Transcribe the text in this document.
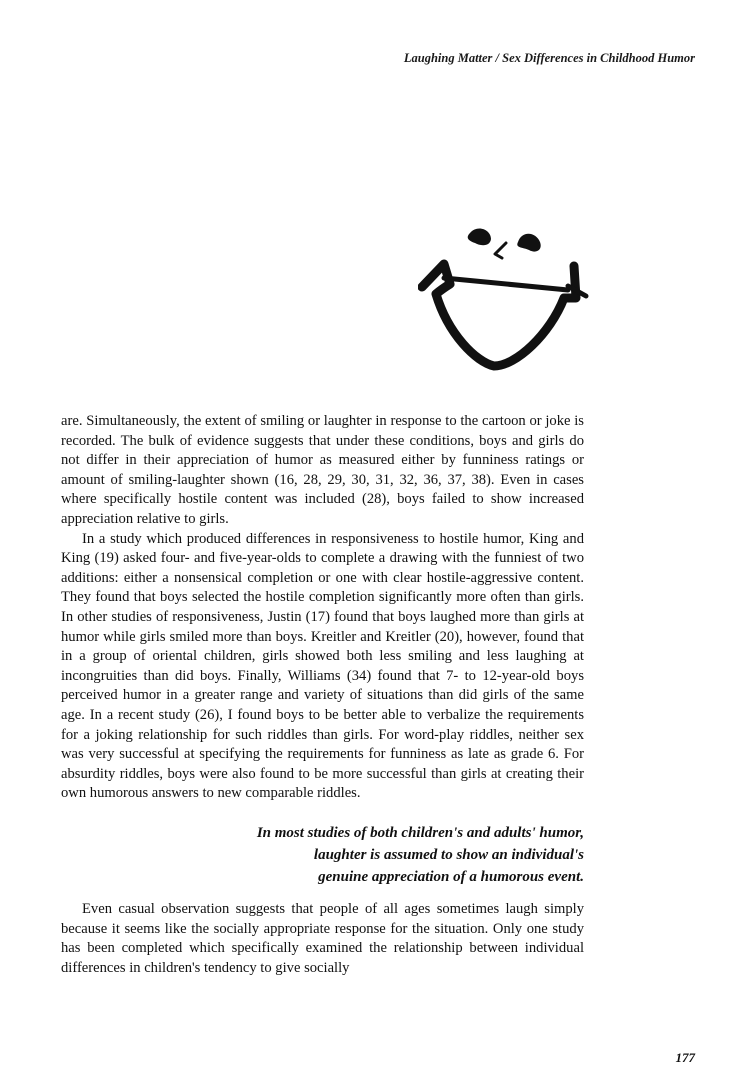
Laughing Matter / Sex Differences in Childhood Humor

are. Simultaneously, the extent of smiling or laughter in response to the cartoon or joke is recorded. The bulk of evidence suggests that under these conditions, boys and girls do not differ in their appreciation of humor as measured either by funniness ratings or amount of smiling-laughter shown (16, 28, 29, 30, 31, 32, 36, 37, 38). Even in cases where specifically hostile content was included (28), boys failed to show increased appreciation relative to girls.

In a study which produced differences in responsiveness to hostile humor, King and King (19) asked four- and five-year-olds to complete a drawing with the funniest of two additions: either a nonsensical completion or one with clear hostile-aggressive content. They found that boys selected the hostile completion significantly more often than girls. In other studies of responsiveness, Justin (17) found that boys laughed more than girls at humor while girls smiled more than boys. Kreitler and Kreitler (20), however, found that in a group of oriental children, girls showed both less smiling and less laughing at incongruities than did boys. Finally, Williams (34) found that 7- to 12-year-old boys perceived humor in a greater range and variety of situations than did girls of the same age. In a recent study (26), I found boys to be better able to verbalize the requirements for a joking relationship for such riddles than girls. For word-play riddles, neither sex was very successful at specifying the requirements for funniness as late as grade 6. For absurdity riddles, boys were also found to be more successful than girls at creating their own humorous answers to new comparable riddles.

In most studies of both children's and adults' humor,
laughter is assumed to show an individual's
genuine appreciation of a humorous event.

Even casual observation suggests that people of all ages sometimes laugh simply because it seems like the socially appropriate response for the situation. Only one study has been completed which specifically examined the relationship between individual differences in children's tendency to give socially

177
